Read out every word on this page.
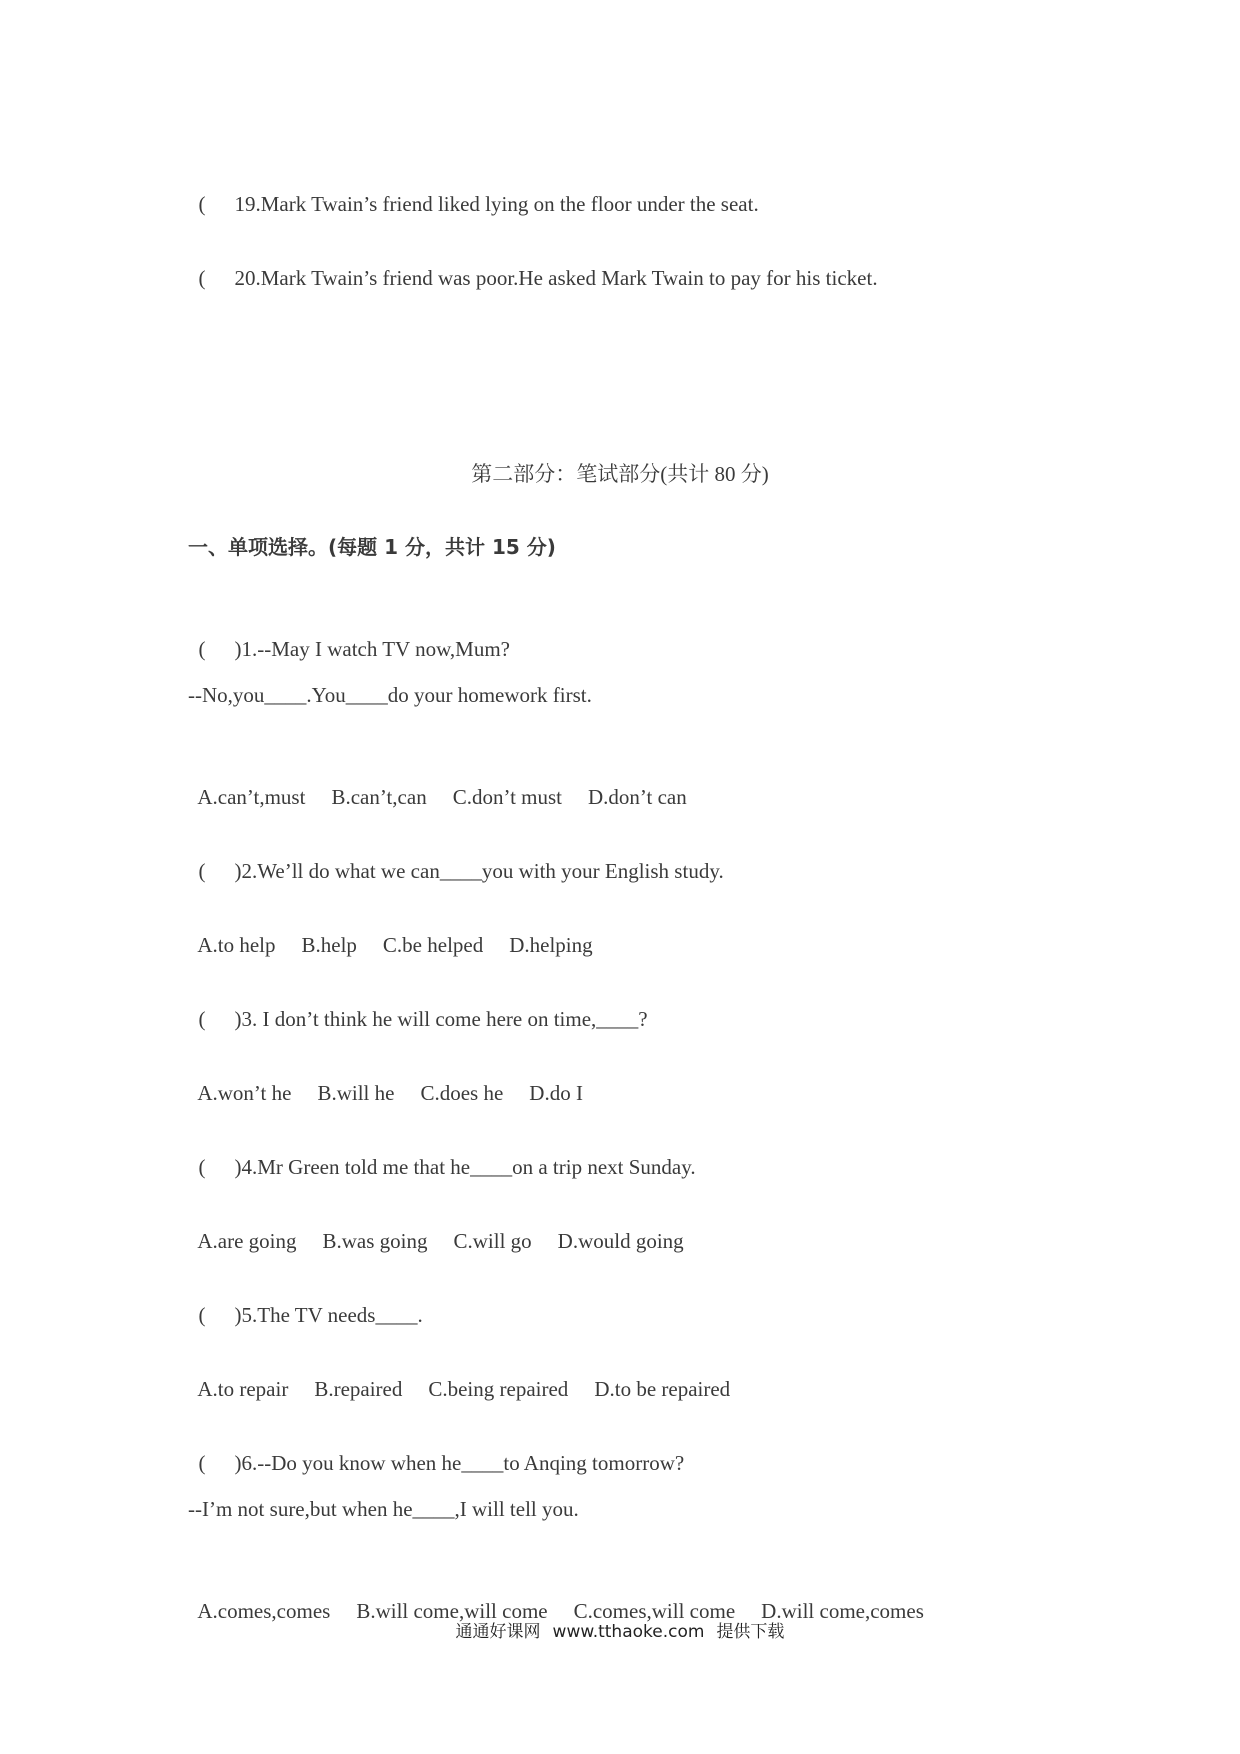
( 19.Mark Twain’s friend liked lying on the floor under the seat.

( 20.Mark Twain’s friend was poor.He asked Mark Twain to pay for his ticket.

第二部分：笔试部分(共计 80 分)
一、单项选择。(每题 1 分，共计 15 分)

( )1.--May I watch TV now,Mum?

--No,you____.You____do your homework first.

A.can’t,must B.can’t,can C.don’t must D.don’t can

( )2.We’ll do what we can____you with your English study.

A.to help B.help C.be helped D.helping

( )3. I don’t think he will come here on time,____?

A.won’t he B.will he C.does he D.do I

( )4.Mr Green told me that he____on a trip next Sunday.

A.are going B.was going C.will go D.would going

( )5.The TV needs____.

A.to repair B.repaired C.being repaired D.to be repaired

( )6.--Do you know when he____to Anqing tomorrow?

--I’m not sure,but when he____,I will tell you.

A.comes,comes B.will come,will come C.comes,will come D.will come,comes

通通好课网 www.tthaoke.com 提供下载
